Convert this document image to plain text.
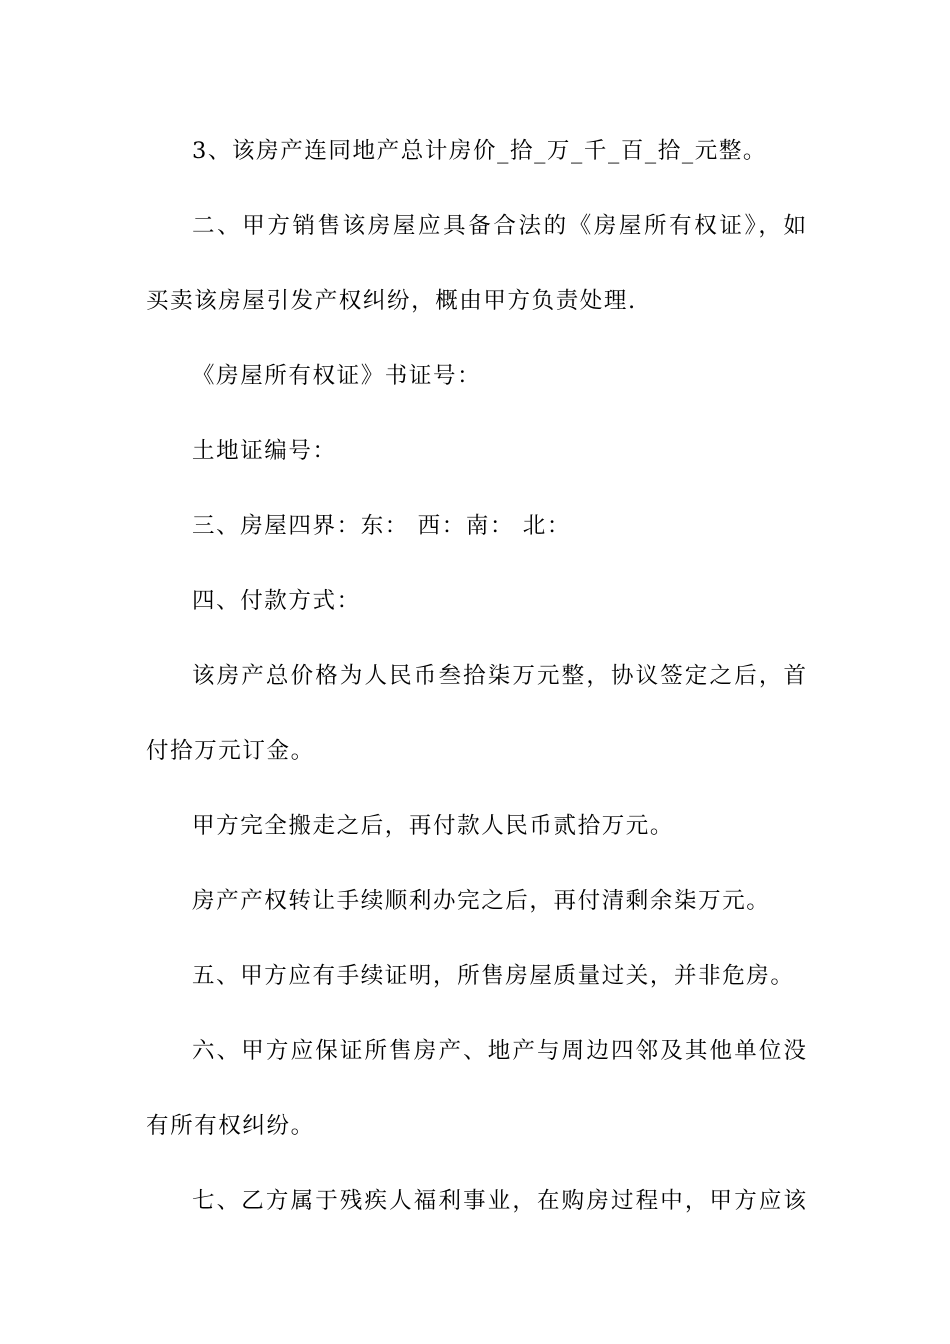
3、该房产连同地产总计房价_拾_万_千_百_拾_元整。
二、甲方销售该房屋应具备合法的《房屋所有权证》，如
买卖该房屋引发产权纠纷，概由甲方负责处理.
《房屋所有权证》书证号：
土地证编号：
三、房屋四界：东： 西：南： 北：
四、付款方式：
该房产总价格为人民币叁拾柒万元整，协议签定之后，首
付拾万元订金。
甲方完全搬走之后，再付款人民币贰拾万元。
房产产权转让手续顺利办完之后，再付清剩余柒万元。
五、甲方应有手续证明，所售房屋质量过关，并非危房。
六、甲方应保证所售房产、地产与周边四邻及其他单位没
有所有权纠纷。
七、乙方属于残疾人福利事业，在购房过程中，甲方应该
